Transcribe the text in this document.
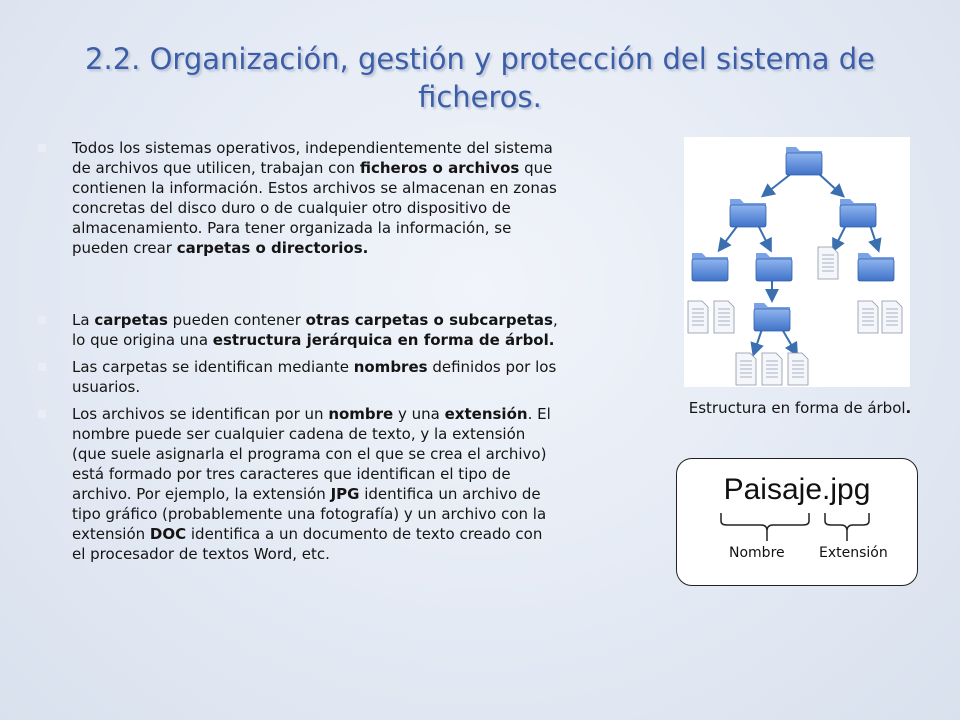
2.2. Organización, gestión y protección del sistema de ficheros.
Todos los sistemas operativos, independientemente del sistema de archivos que utilicen, trabajan con ficheros o archivos que contienen la información. Estos archivos se almacenan en zonas concretas del disco duro o de cualquier otro dispositivo de almacenamiento. Para tener organizada la información, se pueden crear carpetas o directorios.
La carpetas pueden contener otras carpetas o subcarpetas, lo que origina una estructura jerárquica en forma de árbol.
Las carpetas se identifican mediante nombres definidos por los usuarios.
Los archivos se identifican por un nombre y una extensión. El nombre puede ser cualquier cadena de texto, y la extensión (que suele asignarla el programa con el que se crea el archivo) está formado por tres caracteres que identifican el tipo de archivo. Por ejemplo, la extensión JPG identifica un archivo de tipo gráfico (probablemente una fotografía) y un archivo con la extensión DOC identifica a un documento de texto creado con el procesador de textos Word, etc.
Estructura en forma de árbol.
Paisaje.jpg
Nombre Extensión
